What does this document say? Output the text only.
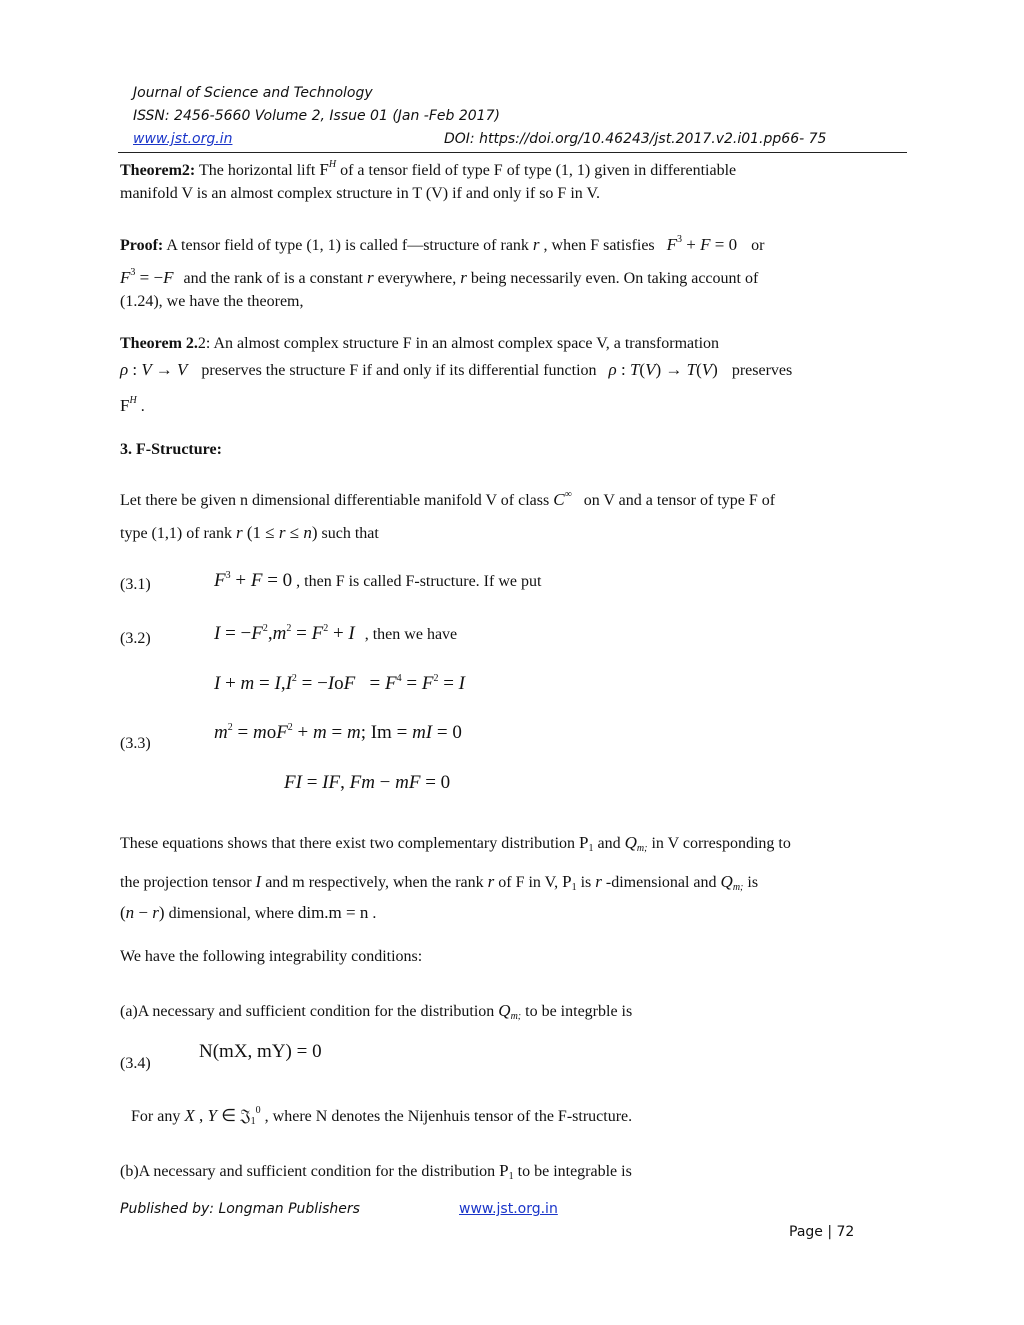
Journal of Science and Technology
ISSN: 2456-5660 Volume 2, Issue 01 (Jan -Feb 2017)
www.jst.org.in	DOI: https://doi.org/10.46243/jst.2017.v2.i01.pp66- 75
Theorem2: The horizontal lift $F^H$ of a tensor field of type F of type (1, 1) given in differentiable
manifold V is an almost complex structure in T (V) if and only if so F in V.
Proof: A tensor field of type (1, 1) is called f—structure of rank r , when F satisfies $F^3 + F = 0$ or
$F^3 = -F$ and the rank of is a constant r everywhere, r being necessarily even. On taking account of
(1.24), we have the theorem,
Theorem 2.2: An almost complex structure F in an almost complex space V, a transformation
ρ : V → V preserves the structure F if and only if its differential function ρ : T(V) → T(V) preserves
$F^H$ .
3. F-Structure:
Let there be given n dimensional differentiable manifold V of class C∞ on V and a tensor of type F of
type (1,1) of rank r (1 ≤ r ≤ n) such that
(3.1)	$F^3 + F = 0$ , then F is called F-structure. If we put
(3.2)	$I = -F^2,m^2 = F^2 + I$ , then we have
$I + m = I,I^2 = -IoF = F^4 = F^2 = I$
(3.3)
$m^2 = moF^2 + m = m$; Im = mI = 0
FI = IF, Fm − mF = 0
These equations shows that there exist two complementary distribution $P_1$ and $Q_{m;}$ in V corresponding to
the projection tensor I and m respectively, when the rank r of F in V, $P_1$ is r -dimensional and $Q_{m;}$ is
(n − r) dimensional, where dim.m = n .
We have the following integrability conditions:
(a)A necessary and sufficient condition for the distribution $Q_{m;}$ to be integrble is
(3.4)
N(mX, mY) = 0
For any X , Y ∈ 𝔍$_1^0$ , where N denotes the Nijenhuis tensor of the F-structure.
(b)A necessary and sufficient condition for the distribution $P_1$ to be integrable is
Published by: Longman Publishers	www.jst.org.in
Page | 72
